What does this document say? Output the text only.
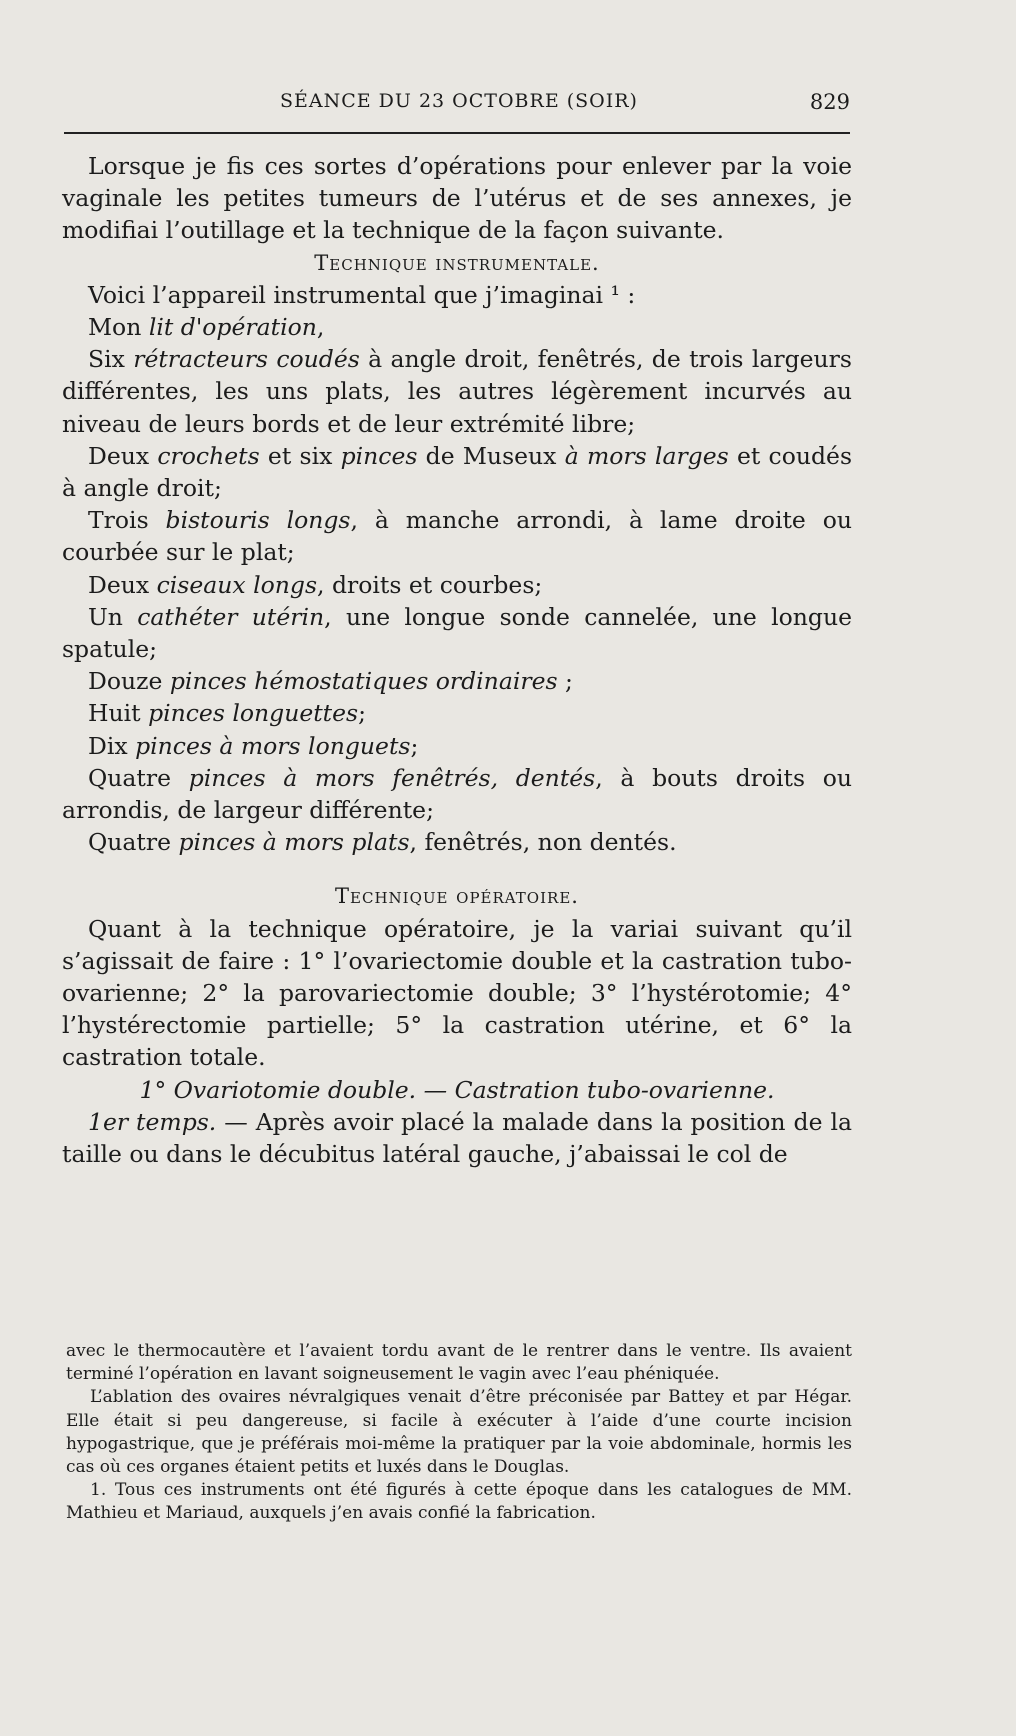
SÉANCE DU 23 OCTOBRE (SOIR)	829

Lorsque je fis ces sortes d’opérations pour enlever par la voie vaginale les petites tumeurs de l’utérus et de ses annexes, je modifiai l’outillage et la technique de la façon suivante.

Technique instrumentale.

Voici l’appareil instrumental que j’imaginai ¹ :

Mon lit d'opération,

Six rétracteurs coudés à angle droit, fenêtrés, de trois largeurs différentes, les uns plats, les autres légèrement incurvés au niveau de leurs bords et de leur extrémité libre;

Deux crochets et six pinces de Museux à mors larges et coudés à angle droit;

Trois bistouris longs, à manche arrondi, à lame droite ou courbée sur le plat;

Deux ciseaux longs, droits et courbes;

Un cathéter utérin, une longue sonde cannelée, une longue spatule;

Douze pinces hémostatiques ordinaires ;

Huit pinces longuettes;

Dix pinces à mors longuets;

Quatre pinces à mors fenêtrés, dentés, à bouts droits ou arrondis, de largeur différente;

Quatre pinces à mors plats, fenêtrés, non dentés.

Technique opératoire.

Quant à la technique opératoire, je la variai suivant qu’il s’agissait de faire : 1° l’ovariectomie double et la castration tubo-ovarienne; 2° la parovariectomie double; 3° l’hystérotomie; 4° l’hystérectomie partielle; 5° la castration utérine, et 6° la castration totale.

1° Ovariotomie double. — Castration tubo-ovarienne.

1er temps. — Après avoir placé la malade dans la position de la taille ou dans le décubitus latéral gauche, j’abaissai le col de

avec le thermocautère et l’avaient tordu avant de le rentrer dans le ventre. Ils avaient terminé l’opération en lavant soigneusement le vagin avec l’eau phéniquée.

L’ablation des ovaires névralgiques venait d’être préconisée par Battey et par Hégar. Elle était si peu dangereuse, si facile à exécuter à l’aide d’une courte incision hypogastrique, que je préférais moi-même la pratiquer par la voie abdominale, hormis les cas où ces organes étaient petits et luxés dans le Douglas.

1. Tous ces instruments ont été figurés à cette époque dans les catalogues de MM. Mathieu et Mariaud, auxquels j’en avais confié la fabrication.
